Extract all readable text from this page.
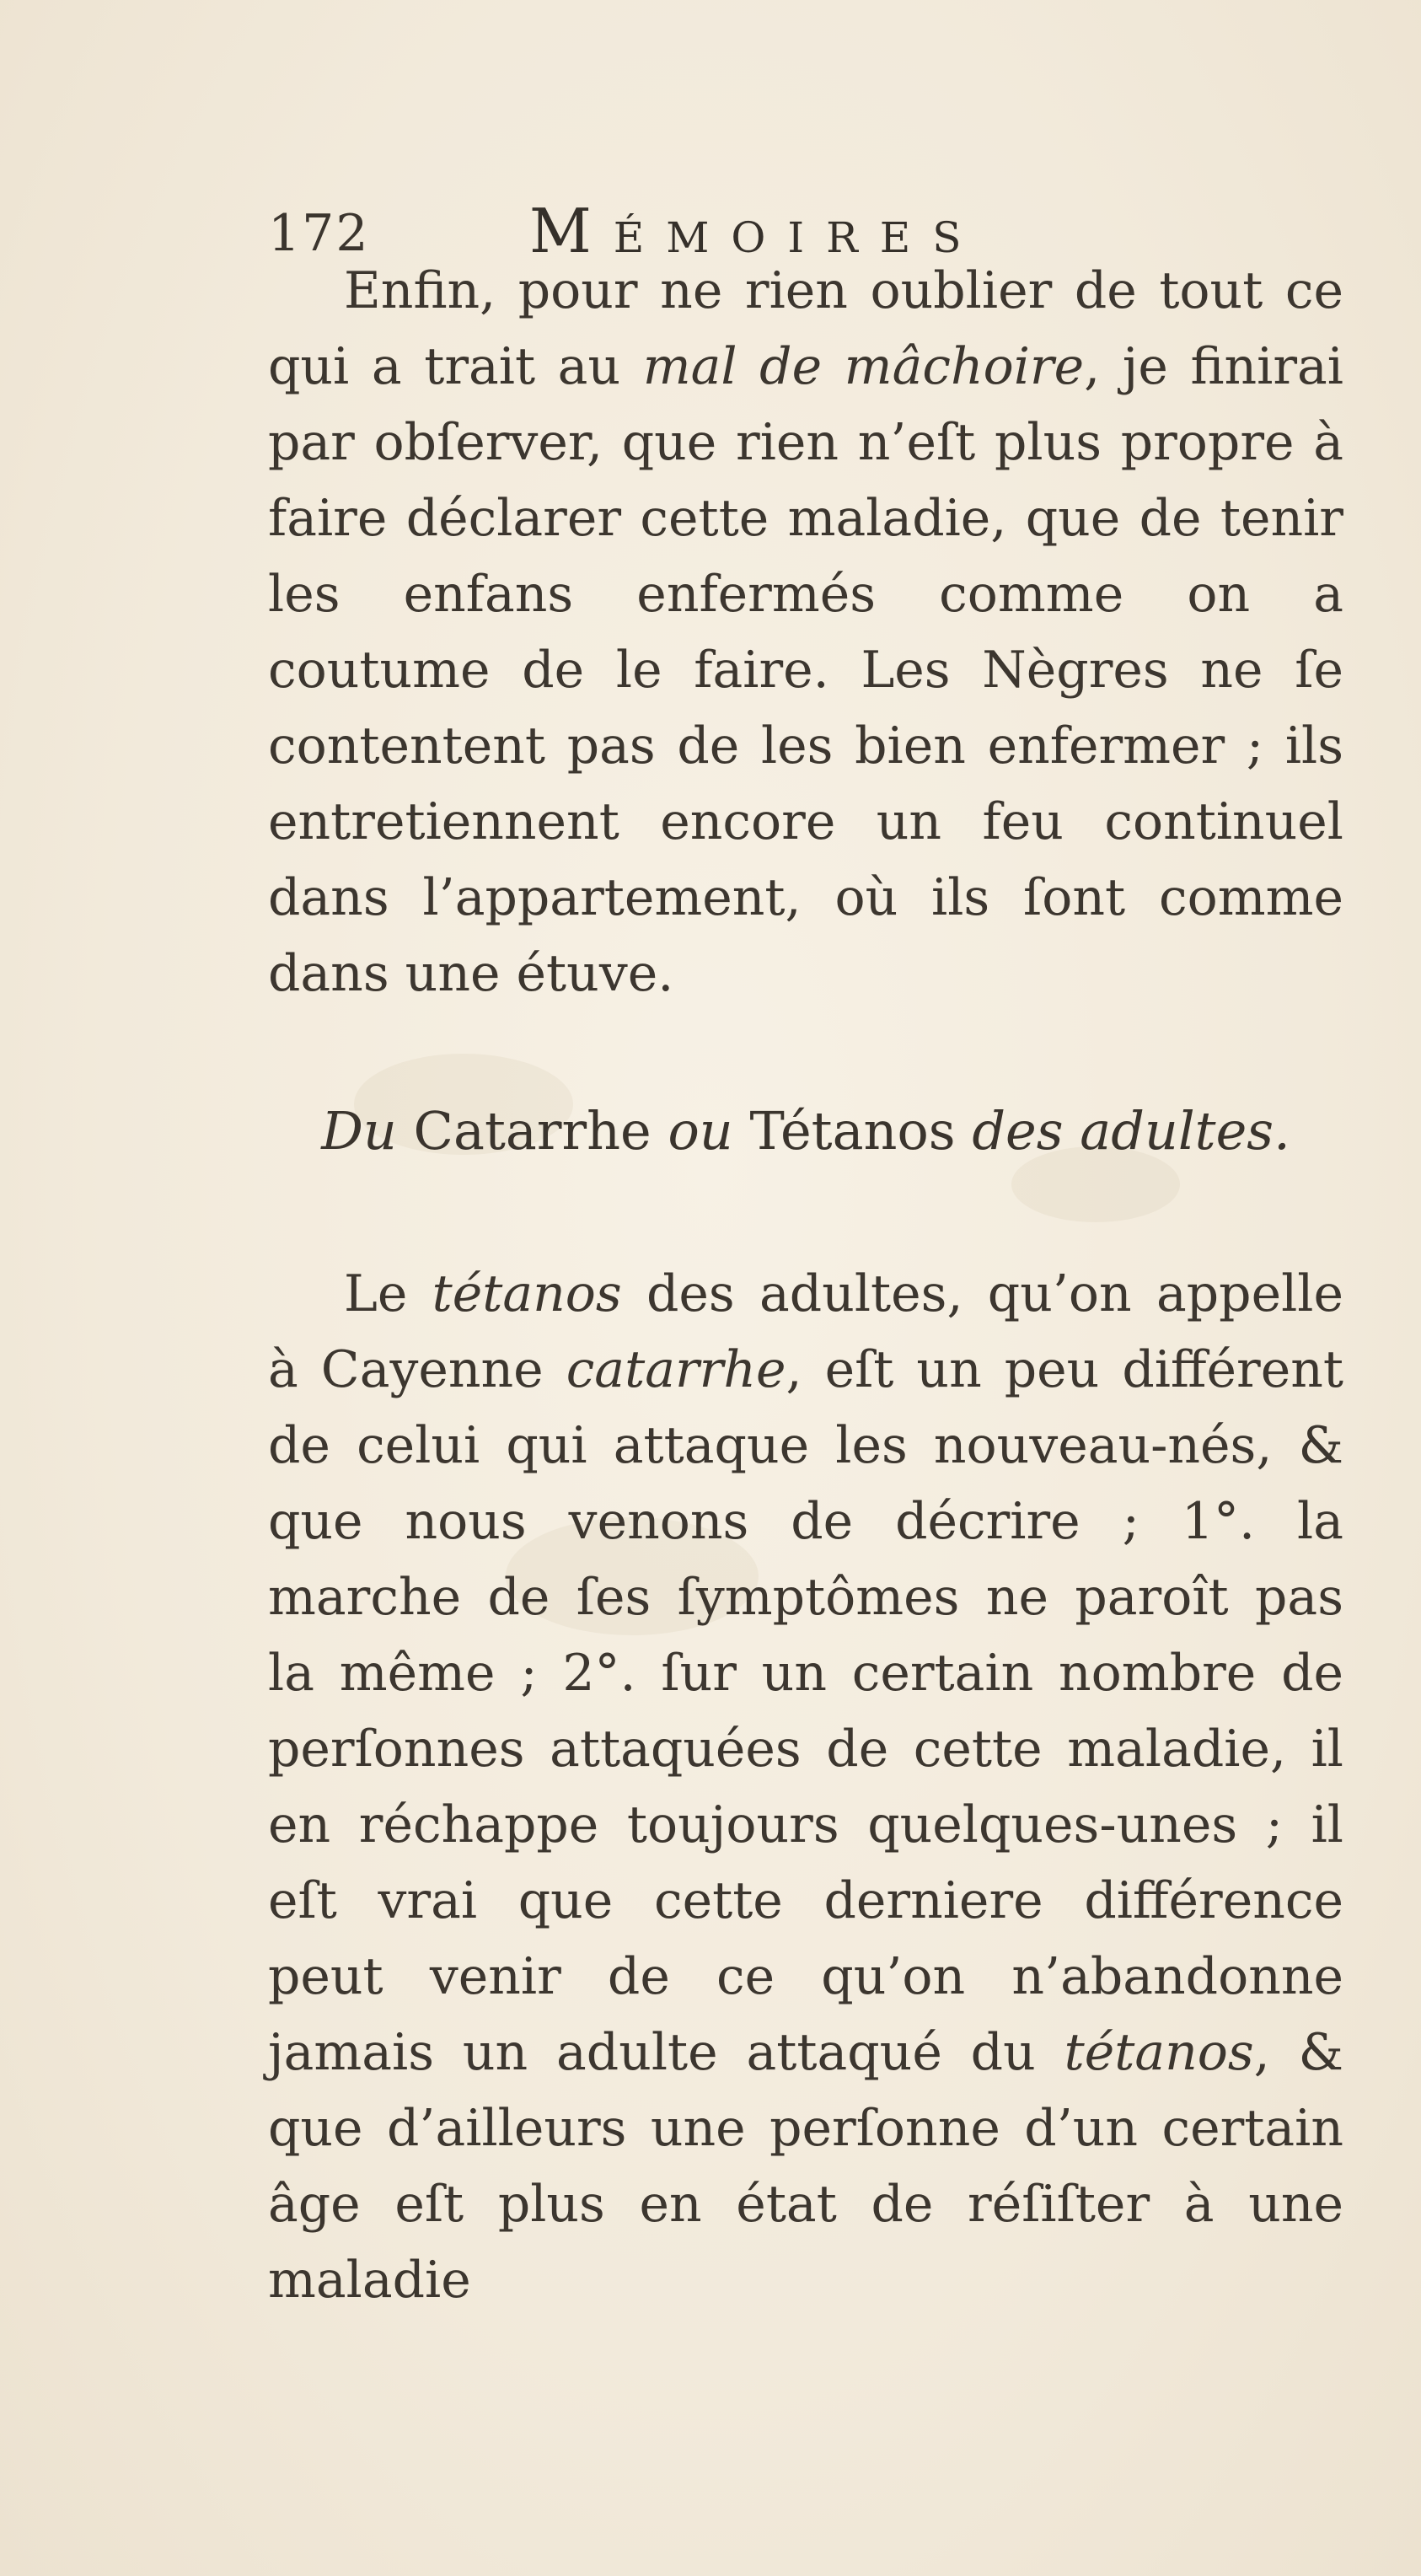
172	Mémoires

Enfin, pour ne rien oublier de tout ce qui a trait au mal de mâchoire, je finirai par obſerver, que rien n’eſt plus propre à faire déclarer cette maladie, que de tenir les enfans enfermés comme on a coutume de le faire. Les Nègres ne ſe contentent pas de les bien enfermer ; ils entretiennent encore un feu continuel dans l’appartement, où ils ſont comme dans une étuve.

Du Catarrhe ou Tétanos des adultes.

Le tétanos des adultes, qu’on appelle à Cayenne catarrhe, eſt un peu différent de celui qui attaque les nouveau-nés, & que nous venons de décrire ; 1°. la marche de ſes ſymptômes ne paroît pas la même ; 2°. ſur un certain nombre de perſonnes attaquées de cette maladie, il en réchappe toujours quelques-unes ; il eſt vrai que cette derniere différence peut venir de ce qu’on n’abandonne jamais un adulte attaqué du tétanos, & que d’ailleurs une perſonne d’un certain âge eſt plus en état de réſiſter à une maladie
